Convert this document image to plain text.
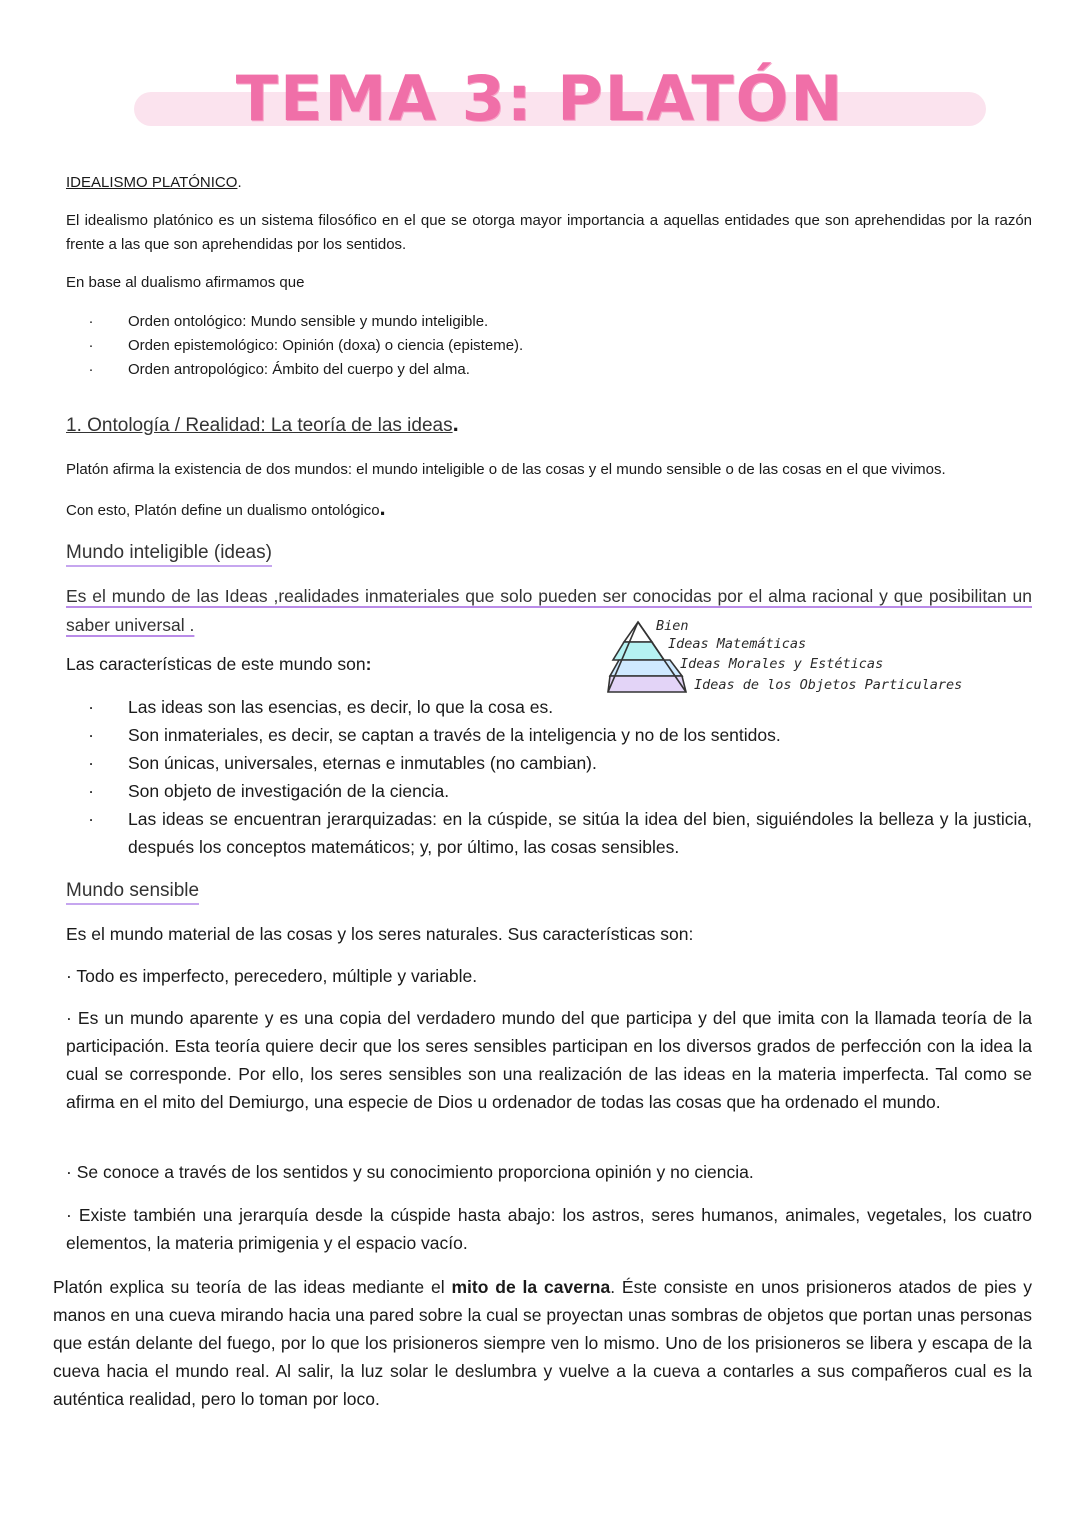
TEMA 3: PLATÓN
IDEALISMO PLATÓNICO.
El idealismo platónico es un sistema filosófico en el que se otorga mayor importancia a aquellas entidades que son aprehendidas por la razón frente a las que son aprehendidas por los sentidos.
En base al dualismo afirmamos que
· Orden ontológico: Mundo sensible y mundo inteligible.
· Orden epistemológico: Opinión (doxa) o ciencia (episteme).
· Orden antropológico: Ámbito del cuerpo y del alma.
1. Ontología / Realidad: La teoría de las ideas.
Platón afirma la existencia de dos mundos: el mundo inteligible o de las cosas y el mundo sensible o de las cosas en el que vivimos.
Con esto, Platón define un dualismo ontológico.
Mundo inteligible (ideas)
Es el mundo de las Ideas ,realidades inmateriales que solo pueden ser conocidas por el alma racional y que posibilitan un saber universal .
Las características de este mundo son:
Bien
Ideas Matemáticas
Ideas Morales y Estéticas
Ideas de los Objetos Particulares
· Las ideas son las esencias, es decir, lo que la cosa es.
· Son inmateriales, es decir, se captan a través de la inteligencia y no de los sentidos.
· Son únicas, universales, eternas e inmutables (no cambian).
· Son objeto de investigación de la ciencia.
· Las ideas se encuentran jerarquizadas: en la cúspide, se sitúa la idea del bien, siguiéndoles la belleza y la justicia, después los conceptos matemáticos; y, por último, las cosas sensibles.
Mundo sensible
Es el mundo material de las cosas y los seres naturales. Sus características son:
· Todo es imperfecto, perecedero, múltiple y variable.
· Es un mundo aparente y es una copia del verdadero mundo del que participa y del que imita con la llamada teoría de la participación. Esta teoría quiere decir que los seres sensibles participan en los diversos grados de perfección con la idea la cual se corresponde. Por ello, los seres sensibles son una realización de las ideas en la materia imperfecta. Tal como se afirma en el mito del Demiurgo, una especie de Dios u ordenador de todas las cosas que ha ordenado el mundo.
· Se conoce a través de los sentidos y su conocimiento proporciona opinión y no ciencia.
· Existe también una jerarquía desde la cúspide hasta abajo: los astros, seres humanos, animales, vegetales, los cuatro elementos, la materia primigenia y el espacio vacío.
Platón explica su teoría de las ideas mediante el mito de la caverna. Éste consiste en unos prisioneros atados de pies y manos en una cueva mirando hacia una pared sobre la cual se proyectan unas sombras de objetos que portan unas personas que están delante del fuego, por lo que los prisioneros siempre ven lo mismo. Uno de los prisioneros se libera y escapa de la cueva hacia el mundo real. Al salir, la luz solar le deslumbra y vuelve a la cueva a contarles a sus compañeros cual es la auténtica realidad, pero lo toman por loco.
